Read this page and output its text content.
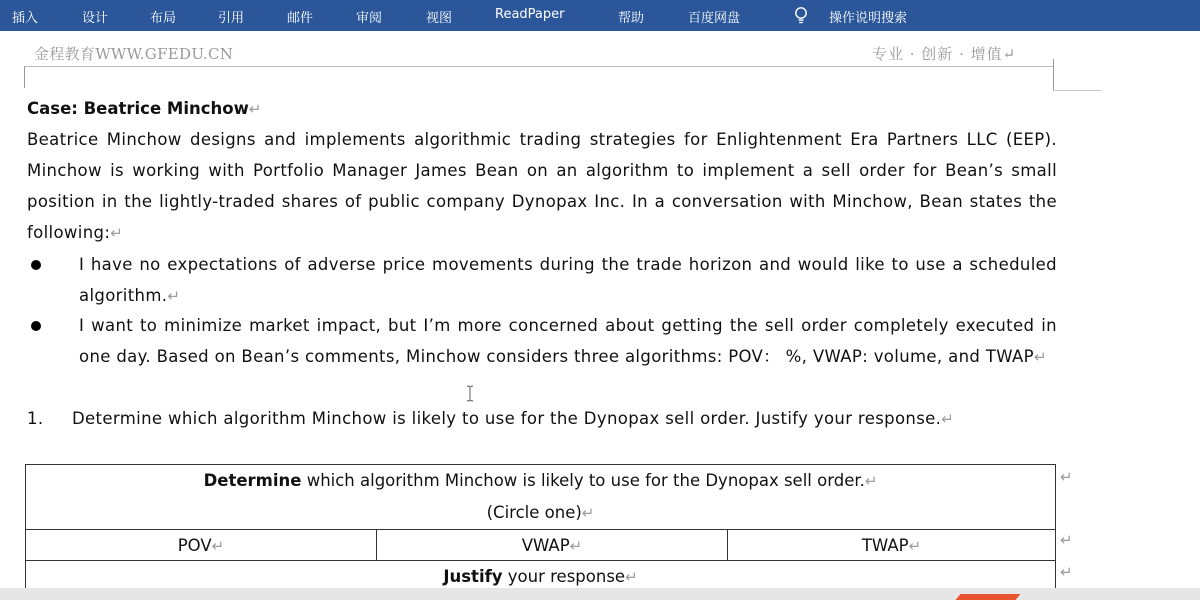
插入	设计	布局	引用	邮件	审阅	视图	ReadPaper	帮助	百度网盘	操作说明搜索
金程教育WWW.GFEDU.CN	专业 · 创新 · 增值↵
Case: Beatrice Minchow↵
Beatrice Minchow designs and implements algorithmic trading strategies for Enlightenment Era Partners LLC (EEP). Minchow is working with Portfolio Manager James Bean on an algorithm to implement a sell order for Bean’s small position in the lightly-traded shares of public company Dynopax Inc. In a conversation with Minchow, Bean states the following:↵
I have no expectations of adverse price movements during the trade horizon and would like to use a scheduled algorithm.↵
I want to minimize market impact, but I’m more concerned about getting the sell order completely executed in one day. Based on Bean’s comments, Minchow considers three algorithms: POV： %, VWAP: volume, and TWAP↵
1. Determine which algorithm Minchow is likely to use for the Dynopax sell order. Justify your response.↵
Determine which algorithm Minchow is likely to use for the Dynopax sell order.↵
(Circle one)↵
POV↵	VWAP↵	TWAP↵
Justify your response↵
↵
↵
↵
